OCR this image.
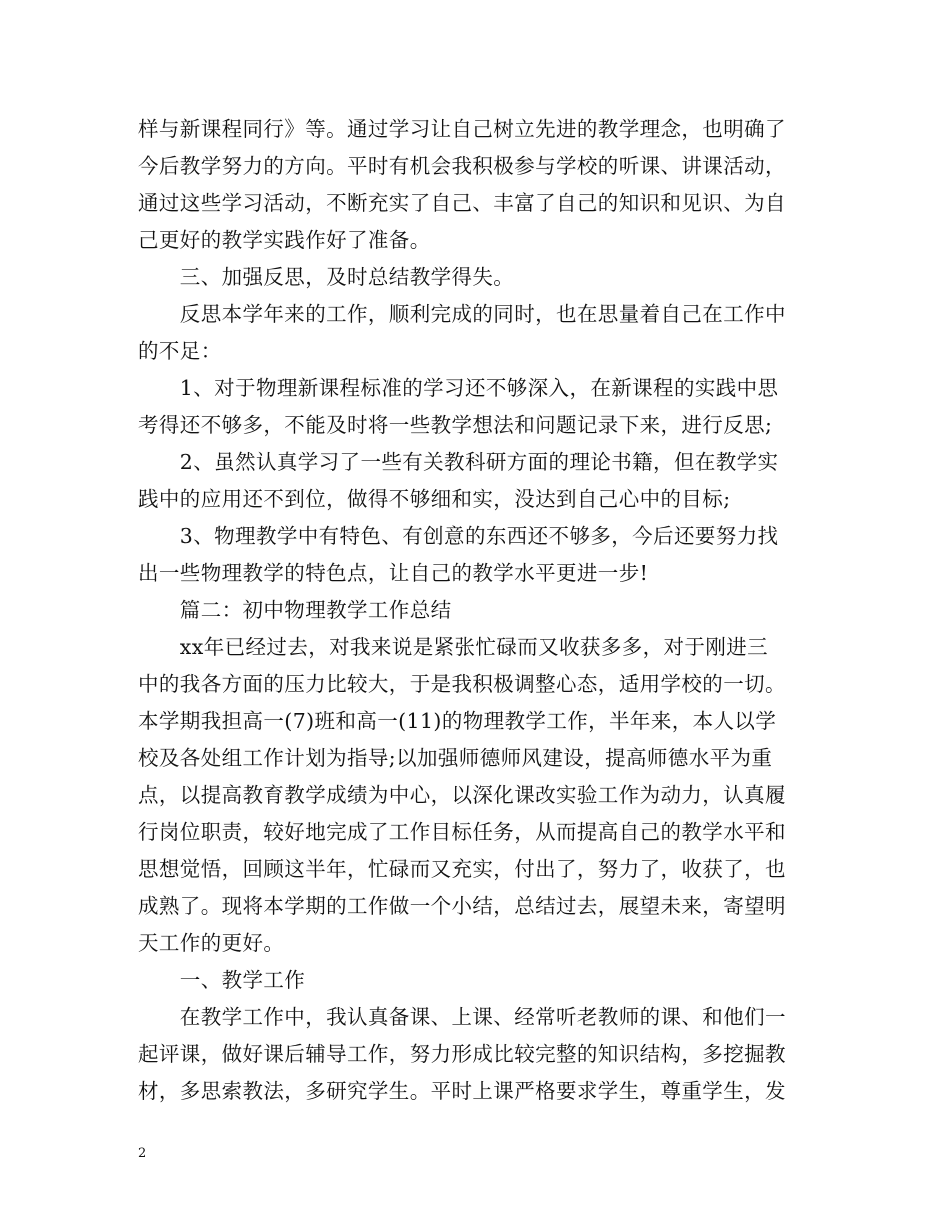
样与新课程同行》等。通过学习让自己树立先进的教学理念，也明确了
今后教学努力的方向。平时有机会我积极参与学校的听课、讲课活动，
通过这些学习活动，不断充实了自己、丰富了自己的知识和见识、为自
己更好的教学实践作好了准备。
　　三、加强反思，及时总结教学得失。
　　反思本学年来的工作，顺利完成的同时，也在思量着自己在工作中
的不足：
　　1、对于物理新课程标准的学习还不够深入，在新课程的实践中思
考得还不够多，不能及时将一些教学想法和问题记录下来，进行反思;
　　2、虽然认真学习了一些有关教科研方面的理论书籍，但在教学实
践中的应用还不到位，做得不够细和实，没达到自己心中的目标;
　　3、物理教学中有特色、有创意的东西还不够多，今后还要努力找
出一些物理教学的特色点，让自己的教学水平更进一步!
　　篇二：初中物理教学工作总结
　　xx年已经过去，对我来说是紧张忙碌而又收获多多，对于刚进三
中的我各方面的压力比较大，于是我积极调整心态，适用学校的一切。
本学期我担高一(7)班和高一(11)的物理教学工作，半年来，本人以学
校及各处组工作计划为指导;以加强师德师风建设，提高师德水平为重
点，以提高教育教学成绩为中心，以深化课改实验工作为动力，认真履
行岗位职责，较好地完成了工作目标任务，从而提高自己的教学水平和
思想觉悟，回顾这半年，忙碌而又充实，付出了，努力了，收获了，也
成熟了。现将本学期的工作做一个小结，总结过去，展望未来，寄望明
天工作的更好。
　　一、教学工作
　　在教学工作中，我认真备课、上课、经常听老教师的课、和他们一
起评课，做好课后辅导工作，努力形成比较完整的知识结构，多挖掘教
材，多思索教法，多研究学生。平时上课严格要求学生，尊重学生，发
2
